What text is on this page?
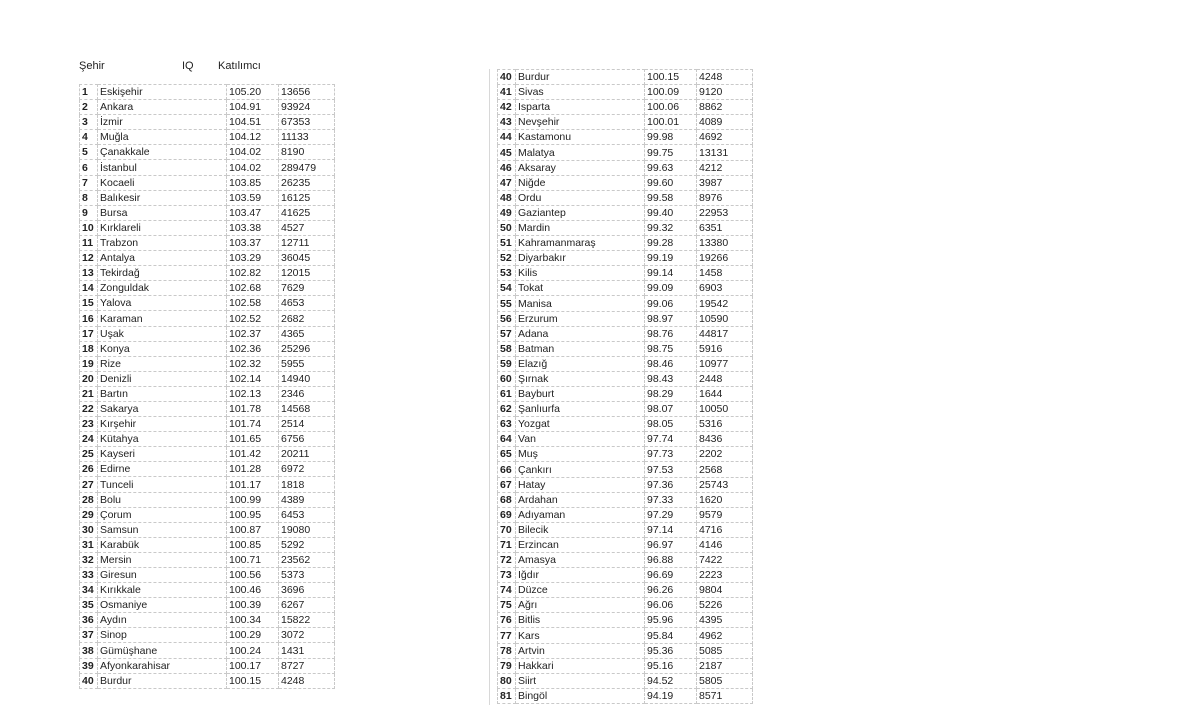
Şehir	IQ Katılımcı
1	Eskişehir	105.20	13656
2	Ankara	104.91	93924
3	İzmir	104.51	67353
4	Muğla	104.12	11133
5	Çanakkale	104.02	8190
6	İstanbul	104.02	289479
7	Kocaeli	103.85	26235
8	Balıkesir	103.59	16125
9	Bursa	103.47	41625
10	Kırklareli	103.38	4527
11	Trabzon	103.37	12711
12	Antalya	103.29	36045
13	Tekirdağ	102.82	12015
14	Zonguldak	102.68	7629
15	Yalova	102.58	4653
16	Karaman	102.52	2682
17	Uşak	102.37	4365
18	Konya	102.36	25296
19	Rize	102.32	5955
20	Denizli	102.14	14940
21	Bartın	102.13	2346
22	Sakarya	101.78	14568
23	Kırşehir	101.74	2514
24	Kütahya	101.65	6756
25	Kayseri	101.42	20211
26	Edirne	101.28	6972
27	Tunceli	101.17	1818
28	Bolu	100.99	4389
29	Çorum	100.95	6453
30	Samsun	100.87	19080
31	Karabük	100.85	5292
32	Mersin	100.71	23562
33	Giresun	100.56	5373
34	Kırıkkale	100.46	3696
35	Osmaniye	100.39	6267
36	Aydın	100.34	15822
37	Sinop	100.29	3072
38	Gümüşhane	100.24	1431
39	Afyonkarahisar	100.17	8727
40	Burdur	100.15	4248
40	Burdur	100.15	4248
41	Sivas	100.09	9120
42	Isparta	100.06	8862
43	Nevşehir	100.01	4089
44	Kastamonu	99.98	4692
45	Malatya	99.75	13131
46	Aksaray	99.63	4212
47	Niğde	99.60	3987
48	Ordu	99.58	8976
49	Gaziantep	99.40	22953
50	Mardin	99.32	6351
51	Kahramanmaraş	99.28	13380
52	Diyarbakır	99.19	19266
53	Kilis	99.14	1458
54	Tokat	99.09	6903
55	Manisa	99.06	19542
56	Erzurum	98.97	10590
57	Adana	98.76	44817
58	Batman	98.75	5916
59	Elazığ	98.46	10977
60	Şırnak	98.43	2448
61	Bayburt	98.29	1644
62	Şanlıurfa	98.07	10050
63	Yozgat	98.05	5316
64	Van	97.74	8436
65	Muş	97.73	2202
66	Çankırı	97.53	2568
67	Hatay	97.36	25743
68	Ardahan	97.33	1620
69	Adıyaman	97.29	9579
70	Bilecik	97.14	4716
71	Erzincan	96.97	4146
72	Amasya	96.88	7422
73	Iğdır	96.69	2223
74	Düzce	96.26	9804
75	Ağrı	96.06	5226
76	Bitlis	95.96	4395
77	Kars	95.84	4962
78	Artvin	95.36	5085
79	Hakkari	95.16	2187
80	Siirt	94.52	5805
81	Bingöl	94.19	8571
